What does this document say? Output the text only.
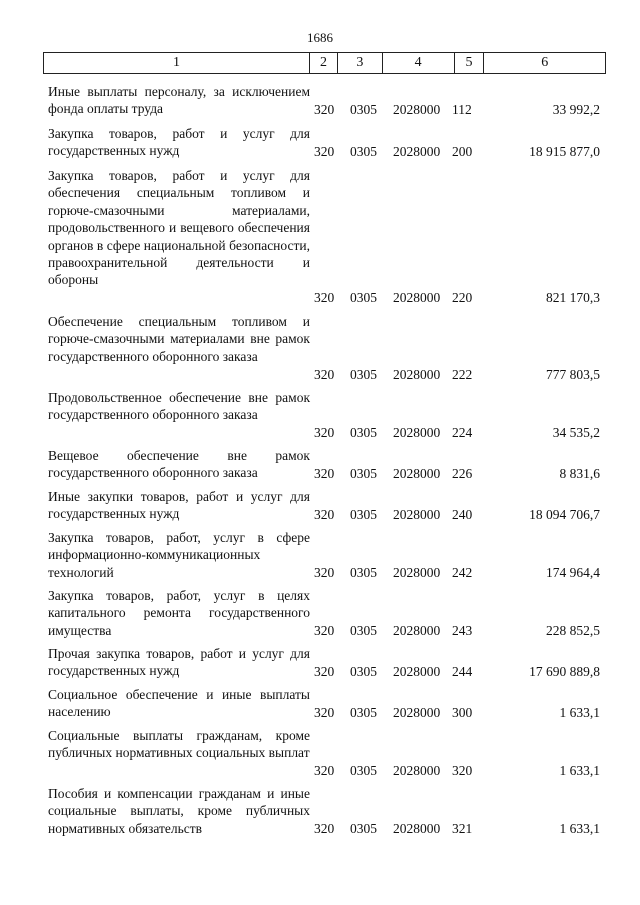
1686
1	2	3	4	5	6
Иные выплаты персоналу, за исключением фонда оплаты труда	320 0305 2028000 112	33 992,2
Закупка товаров, работ и услуг для государственных нужд	320 0305 2028000 200	18 915 877,0
Закупка товаров, работ и услуг для обеспечения специальным топливом и горюче-смазочными материалами, продовольственного и вещевого обеспечения органов в сфере национальной безопасности, правоохранительной деятельности и обороны
320 0305 2028000 220	821 170,3
Обеспечение специальным топливом и горюче-смазочными материалами вне рамок государственного оборонного заказа
320 0305 2028000 222	777 803,5
Продовольственное обеспечение вне рамок государственного оборонного заказа
320 0305 2028000 224	34 535,2
Вещевое обеспечение вне рамок государственного оборонного заказа	320 0305 2028000 226	8 831,6
Иные закупки товаров, работ и услуг для государственных нужд	320 0305 2028000 240	18 094 706,7
Закупка товаров, работ, услуг в сфере информационно-коммуникационных технологий	320 0305 2028000 242	174 964,4
Закупка товаров, работ, услуг в целях капитального ремонта государственного имущества	320 0305 2028000 243	228 852,5
Прочая закупка товаров, работ и услуг для государственных нужд	320 0305 2028000 244	17 690 889,8
Социальное обеспечение и иные выплаты населению	320 0305 2028000 300	1 633,1
Социальные выплаты гражданам, кроме публичных нормативных социальных выплат
320 0305 2028000 320	1 633,1
Пособия и компенсации гражданам и иные социальные выплаты, кроме публичных нормативных обязательств	320 0305 2028000 321	1 633,1
